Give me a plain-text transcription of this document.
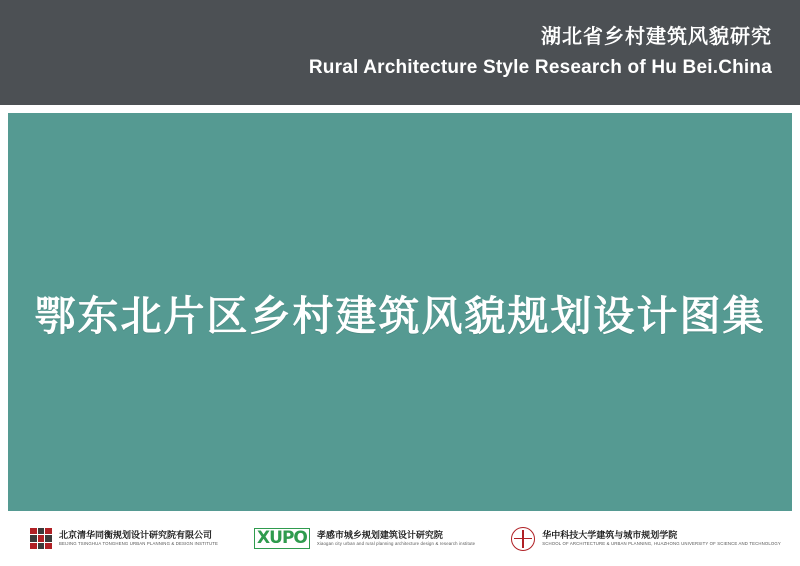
湖北省乡村建筑风貌研究
Rural Architecture Style Research of Hu Bei.China
鄂东北片区乡村建筑风貌规划设计图集
北京清华同衡规划设计研究院有限公司
BEIJING TSINGHUA TONGHENG URBAN PLANNING & DESIGN INSTITUTE XUPO	孝感市城乡规划建筑设计研究院
Xiaogan city urban and rural planning architecture design & research institute
华中科技大学建筑与城市规划学院
SCHOOL OF ARCHITECTURE & URBAN PLANNING, HUAZHONG UNIVERSITY OF SCIENCE AND TECHNOLOGY
